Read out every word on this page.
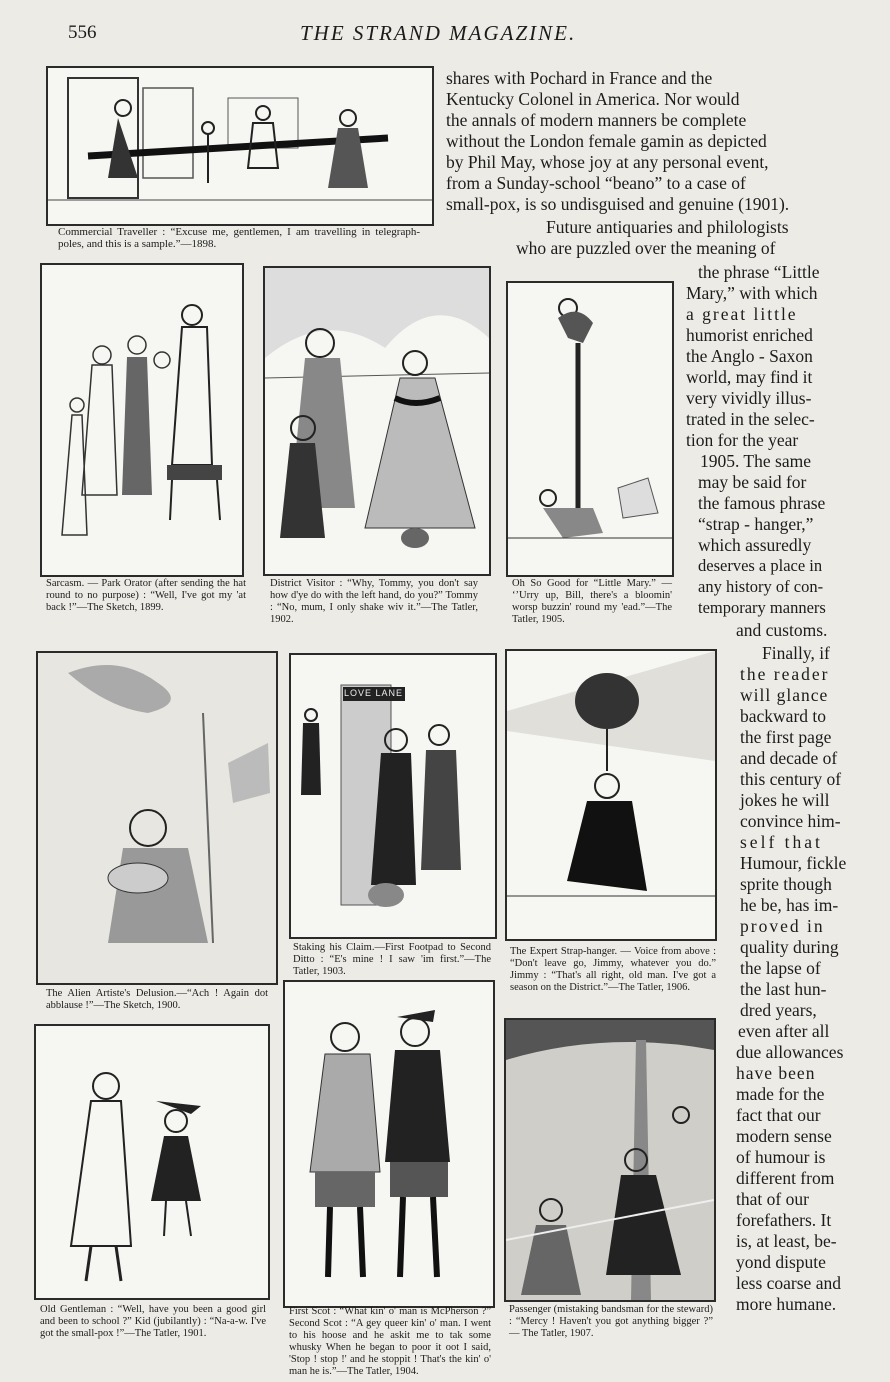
556	THE STRAND MAGAZINE.
Commercial Traveller : “Excuse me, gentlemen, I am travelling in telegraph-poles, and this is a sample.”—1898.
Sarcasm. — Park Orator (after sending the hat round to no purpose) : “Well, I've got my 'at back !”—The Sketch, 1899.
District Visitor : “Why, Tommy, you don't say how d'ye do with the left hand, do you?” Tommy : “No, mum, I only shake wiv it.”—The Tatler, 1902.
Oh So Good for “Little Mary.” — ‘’Urry up, Bill, there's a bloomin' worsp buzzin' round my 'ead.”—The Tatler, 1905.
The Alien Artiste's Delusion.—“Ach ! Again dot abblause !”—The Sketch, 1900.
LOVE LANE
Staking his Claim.—First Footpad to Second Ditto : “E's mine ! I saw 'im first.”—The Tatler, 1903.
The Expert Strap-hanger. — Voice from above : “Don't leave go, Jimmy, whatever you do.” Jimmy : “That's all right, old man. I've got a season on the District.”—The Tatler, 1906.
Old Gentleman : “Well, have you been a good girl and been to school ?” Kid (jubilantly) : “Na-a-w. I've got the small-pox !”—The Tatler, 1901.
First Scot : “What kin' o' man is McPherson ?” Second Scot : “A gey queer kin' o' man. I went to his hoose and he askit me to tak some whusky When he began to poor it oot I said, 'Stop ! stop !' and he stoppit ! That's the kin' o' man he is.”—The Tatler, 1904.
Passenger (mistaking bandsman for the steward) : “Mercy ! Haven't you got anything bigger ?” — The Tatler, 1907.
shares with Pochard in France and the
Kentucky Colonel in America. Nor would
the annals of modern manners be complete
without the London female gamin as depicted
by Phil May, whose joy at any personal event,
from a Sunday-school “beano” to a case of
small-pox, is so undisguised and genuine (1901).
Future antiquaries and philologists
who are puzzled over the meaning of
the phrase “Little
Mary,” with which
a great little
humorist enriched
the Anglo - Saxon
world, may find it
very vividly illus-
trated in the selec-
tion for the year
1905. The same
may be said for
the famous phrase
“strap - hanger,”
which assuredly
deserves a place in
any history of con-
temporary manners
and customs.
Finally, if
the reader
will glance
backward to
the first page
and decade of
this century of
jokes he will
convince him-
self that
Humour, fickle
sprite though
he be, has im-
proved in
quality during
the lapse of
the last hun-
dred years,
even after all
due allowances
have been
made for the
fact that our
modern sense
of humour is
different from
that of our
forefathers. It
is, at least, be-
yond dispute
less coarse and
more humane.
